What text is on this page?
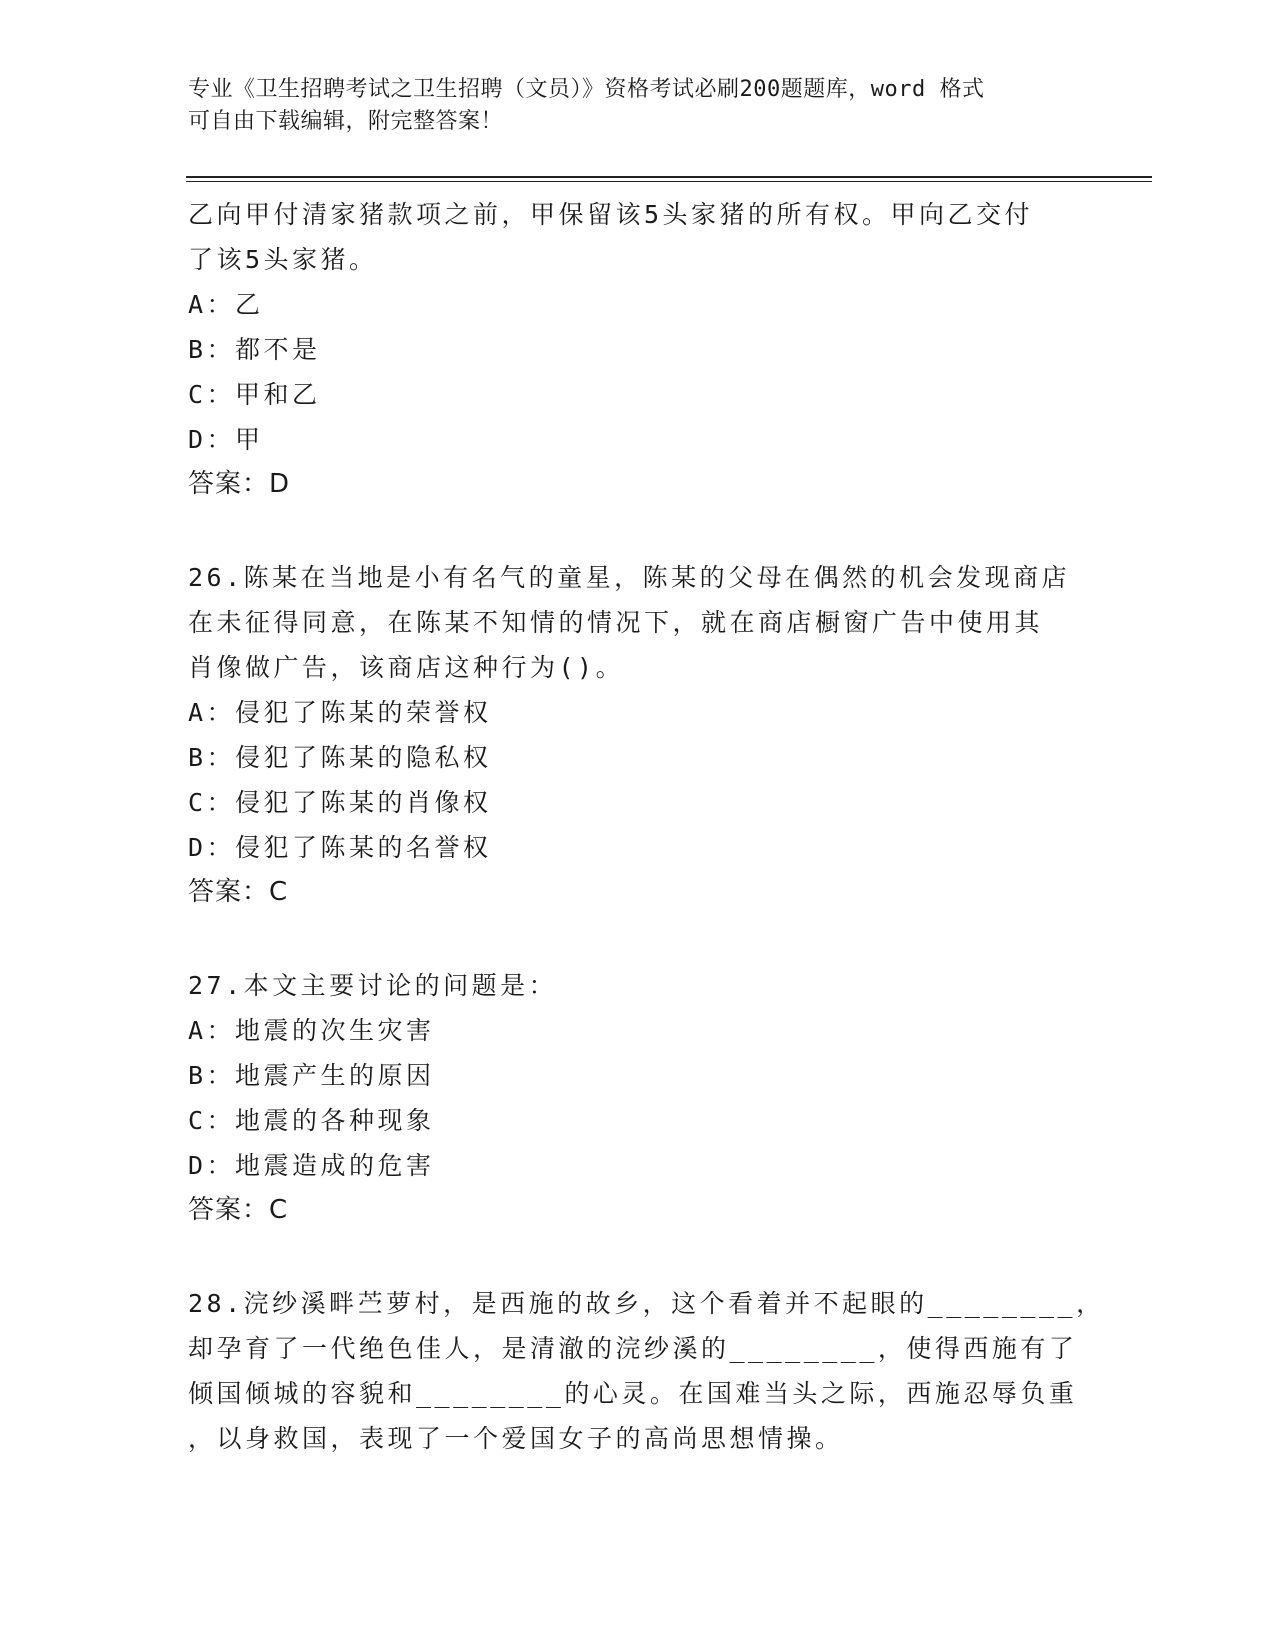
专业《卫生招聘考试之卫生招聘（文员）》资格考试必刷200题题库，word 格式
可自由下载编辑，附完整答案！
乙向甲付清家猪款项之前，甲保留该5头家猪的所有权。甲向乙交付
了该5头家猪。
A：乙
B：都不是
C：甲和乙
D：甲
答案：D
26.陈某在当地是小有名气的童星，陈某的父母在偶然的机会发现商店
在未征得同意，在陈某不知情的情况下，就在商店橱窗广告中使用其
肖像做广告，该商店这种行为()。
A：侵犯了陈某的荣誉权
B：侵犯了陈某的隐私权
C：侵犯了陈某的肖像权
D：侵犯了陈某的名誉权
答案：C
27.本文主要讨论的问题是：
A：地震的次生灾害
B：地震产生的原因
C：地震的各种现象
D：地震造成的危害
答案：C
28.浣纱溪畔苎萝村，是西施的故乡，这个看着并不起眼的________，
却孕育了一代绝色佳人，是清澈的浣纱溪的________，使得西施有了
倾国倾城的容貌和________的心灵。在国难当头之际，西施忍辱负重
，以身救国，表现了一个爱国女子的高尚思想情操。
